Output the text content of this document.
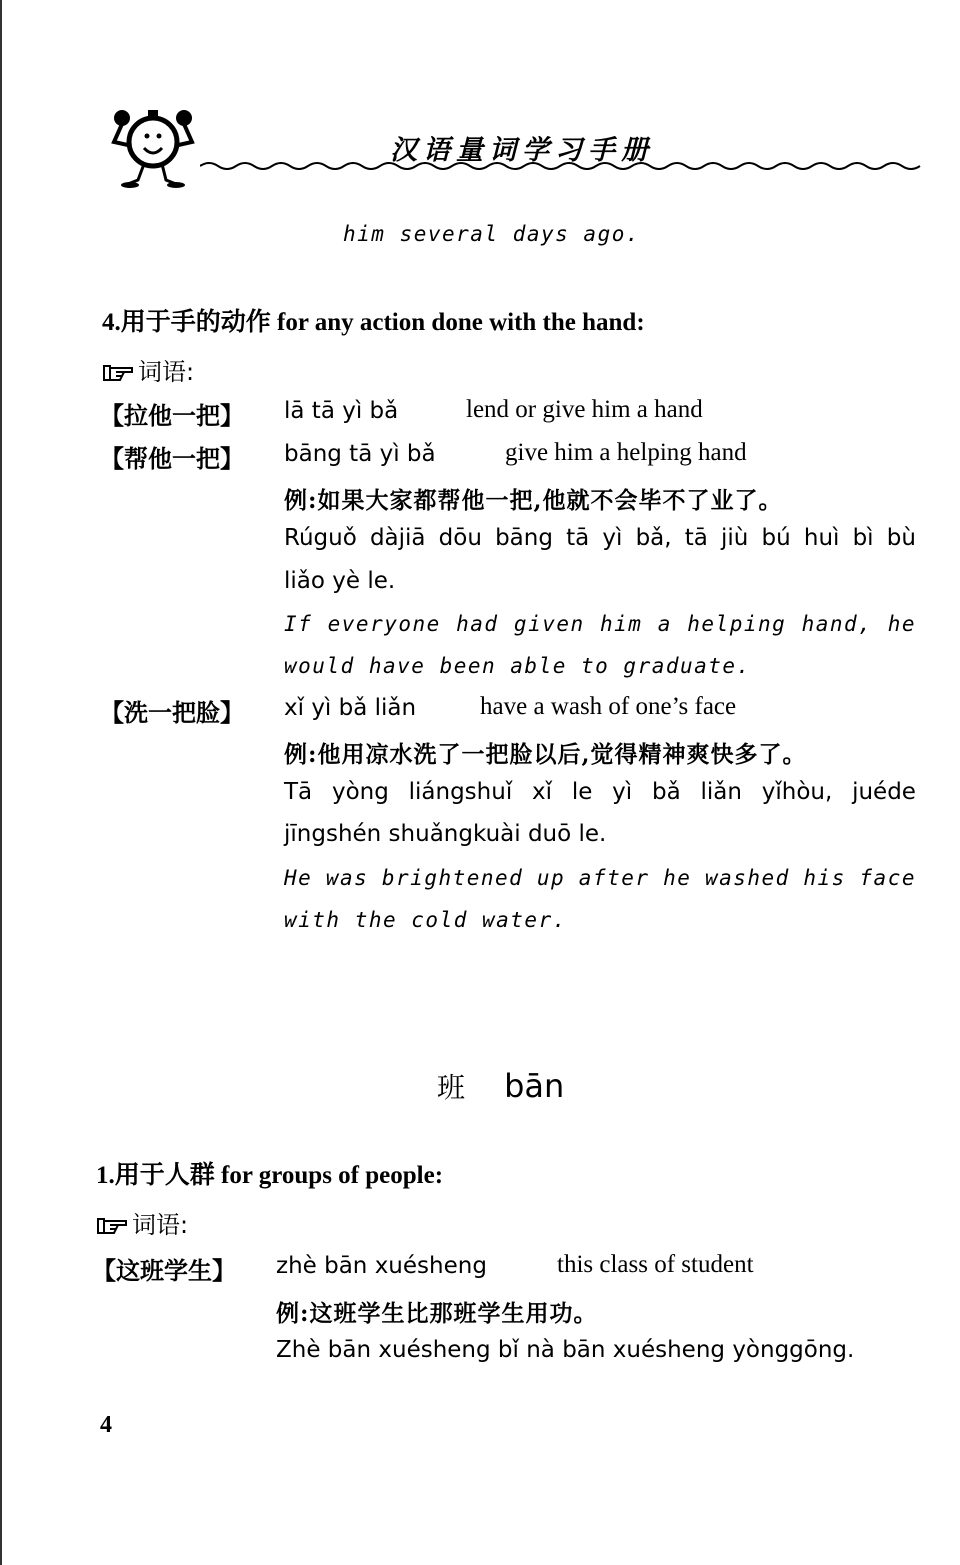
汉语量词学习手册
him several days ago.
4.用于手的动作 for any action done with the hand:
词语:
【拉他一把】 lā tā yì bǎ	lend or give him a hand
【帮他一把】 bāng tā yì bǎ	give him a helping hand
例:如果大家都帮他一把,他就不会毕不了业了。
Rúguǒ dàjiā dōu bāng tā yì bǎ, tā jiù bú huì bì bù
liǎo yè le.
If everyone had given him a helping hand, he
would have been able to graduate.
【洗一把脸】 xǐ yì bǎ liǎn	have a wash of one’s face
例:他用凉水洗了一把脸以后,觉得精神爽快多了。
Tā yòng liángshuǐ xǐ le yì bǎ liǎn yǐhòu, juéde
jīngshén shuǎngkuài duō le.
He was brightened up after he washed his face
with the cold water.
班 bān
1.用于人群 for groups of people:
词语:
【这班学生】 zhè bān xuésheng	this class of student
例:这班学生比那班学生用功。
Zhè bān xuésheng bǐ nà bān xuésheng yònggōng.
4
